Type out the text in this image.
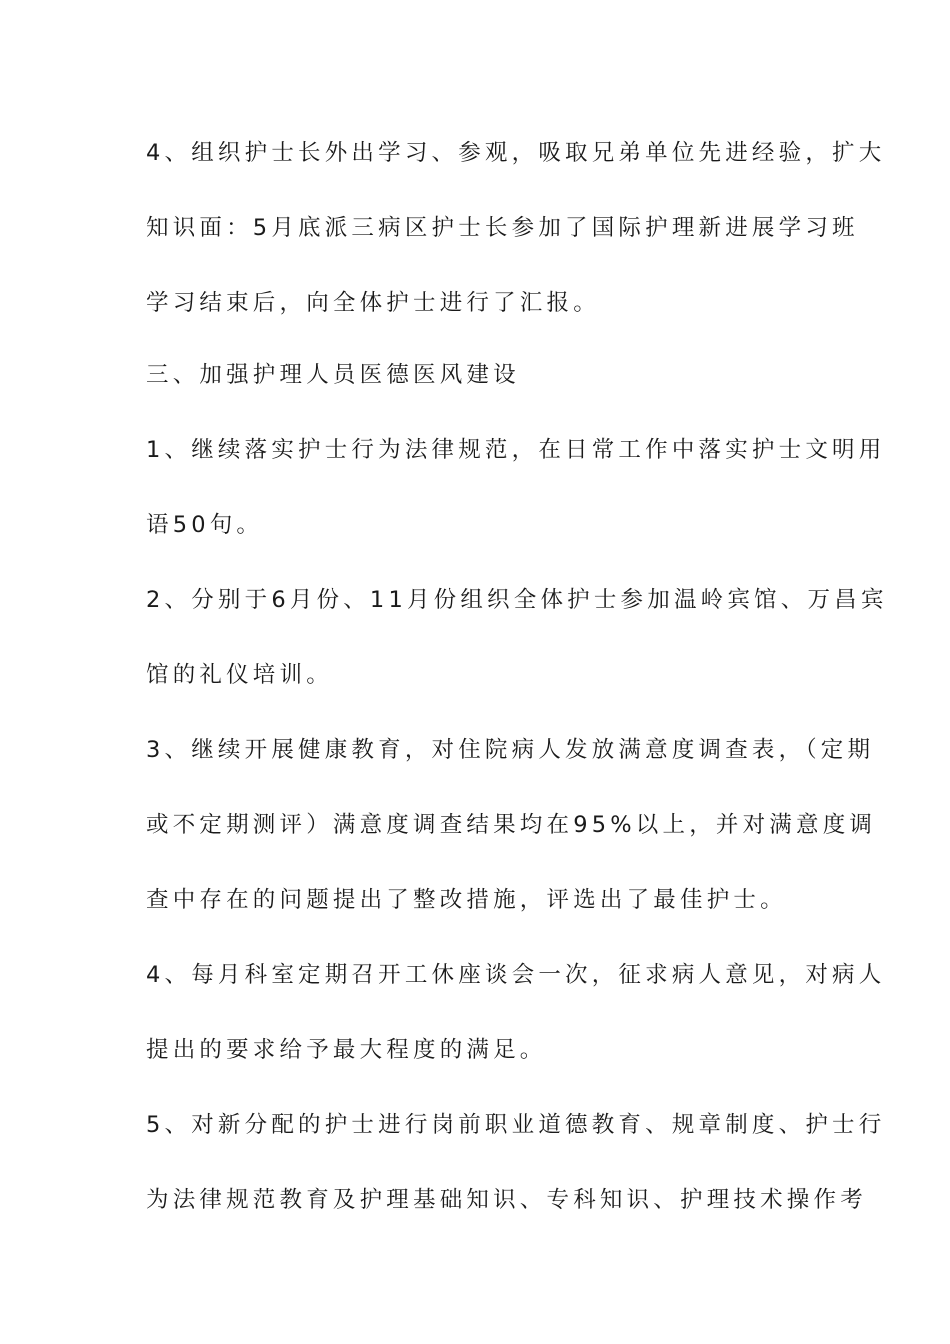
4、组织护士长外出学习、参观，吸取兄弟单位先进经验，扩大
知识面：5月底派三病区护士长参加了国际护理新进展学习班
学习结束后，向全体护士进行了汇报。
三、加强护理人员医德医风建设
1、继续落实护士行为法律规范，在日常工作中落实护士文明用
语50句。
2、分别于6月份、11月份组织全体护士参加温岭宾馆、万昌宾
馆的礼仪培训。
3、继续开展健康教育，对住院病人发放满意度调查表，（定期
或不定期测评）满意度调查结果均在95%以上，并对满意度调
查中存在的问题提出了整改措施，评选出了最佳护士。
4、每月科室定期召开工休座谈会一次，征求病人意见，对病人
提出的要求给予最大程度的满足。
5、对新分配的护士进行岗前职业道德教育、规章制度、护士行
为法律规范教育及护理基础知识、专科知识、护理技术操作考
